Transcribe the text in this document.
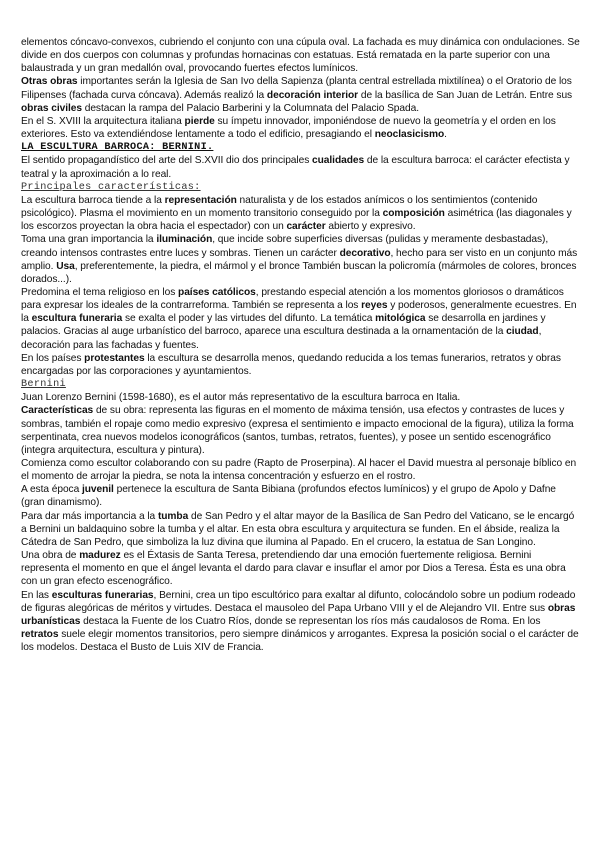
elementos cóncavo-convexos, cubriendo el conjunto con una cúpula oval. La fachada es muy dinámica con ondulaciones. Se divide en dos cuerpos con columnas y profundas hornacinas con estatuas. Está rematada en la parte superior con una balaustrada y un gran medallón oval, provocando fuertes efectos lumínicos.

Otras obras importantes serán la Iglesia de San Ivo della Sapienza (planta central estrellada mixtilínea) o el Oratorio de los Filipenses (fachada curva cóncava). Además realizó la decoración interior de la basílica de San Juan de Letrán. Entre sus obras civiles destacan la rampa del Palacio Barberini y la Columnata del Palacio Spada.

En el S. XVIII la arquitectura italiana pierde su ímpetu innovador, imponiéndose de nuevo la geometría y el orden en los exteriores. Esto va extendiéndose lentamente a todo el edificio, presagiando el neoclasicismo.

LA ESCULTURA BARROCA: BERNINI.

El sentido propagandístico del arte del S.XVII dio dos principales cualidades de la escultura barroca: el carácter efectista y teatral y la aproximación a lo real.

Principales características:

La escultura barroca tiende a la representación naturalista y de los estados anímicos o los sentimientos (contenido psicológico). Plasma el movimiento en un momento transitorio conseguido por la composición asimétrica (las diagonales y los escorzos proyectan la obra hacia el espectador) con un carácter abierto y expresivo.

Toma una gran importancia la iluminación, que incide sobre superficies diversas (pulidas y meramente desbastadas), creando intensos contrastes entre luces y sombras. Tienen un carácter decorativo, hecho para ser visto en un conjunto más amplio. Usa, preferentemente, la piedra, el mármol y el bronce También buscan la policromía (mármoles de colores, bronces dorados...).

Predomina el tema religioso en los países católicos, prestando especial atención a los momentos gloriosos o dramáticos para expresar los ideales de la contrarreforma. También se representa a los reyes y poderosos, generalmente ecuestres. En la escultura funeraria se exalta el poder y las virtudes del difunto. La temática mitológica se desarrolla en jardines y palacios. Gracias al auge urbanístico del barroco, aparece una escultura destinada a la ornamentación de la ciudad, decoración para las fachadas y fuentes.

En los países protestantes la escultura se desarrolla menos, quedando reducida a los temas funerarios, retratos y obras encargadas por las corporaciones y ayuntamientos.

Bernini

Juan Lorenzo Bernini (1598-1680), es el autor más representativo de la escultura barroca en Italia.

Características de su obra: representa las figuras en el momento de máxima tensión, usa efectos y contrastes de luces y sombras, también el ropaje como medio expresivo (expresa el sentimiento e impacto emocional de la figura), utiliza la forma serpentinata, crea nuevos modelos iconográficos (santos, tumbas, retratos, fuentes), y posee un sentido escenográfico (integra arquitectura, escultura y pintura).

Comienza como escultor colaborando con su padre (Rapto de Proserpina). Al hacer el David muestra al personaje bíblico en el momento de arrojar la piedra, se nota la intensa concentración y esfuerzo en el rostro.

A esta época juvenil pertenece la escultura de Santa Bibiana (profundos efectos lumínicos) y el grupo de Apolo y Dafne (gran dinamismo).

Para dar más importancia a la tumba de San Pedro y el altar mayor de la Basílica de San Pedro del Vaticano, se le encargó a Bernini un baldaquino sobre la tumba y el altar. En esta obra escultura y arquitectura se funden. En el ábside, realiza la Cátedra de San Pedro, que simboliza la luz divina que ilumina al Papado. En el crucero, la estatua de San Longino.

Una obra de madurez es el Éxtasis de Santa Teresa, pretendiendo dar una emoción fuertemente religiosa. Bernini representa el momento en que el ángel levanta el dardo para clavar e insuflar el amor por Dios a Teresa. Ésta es una obra con un gran efecto escenográfico.

En las esculturas funerarias, Bernini, crea un tipo escultórico para exaltar al difunto, colocándolo sobre un podium rodeado de figuras alegóricas de méritos y virtudes. Destaca el mausoleo del Papa Urbano VIII y el de Alejandro VII. Entre sus obras urbanísticas destaca la Fuente de los Cuatro Ríos, donde se representan los ríos más caudalosos de Roma. En los retratos suele elegir momentos transitorios, pero siempre dinámicos y arrogantes. Expresa la posición social o el carácter de los modelos. Destaca el Busto de Luis XIV de Francia.
